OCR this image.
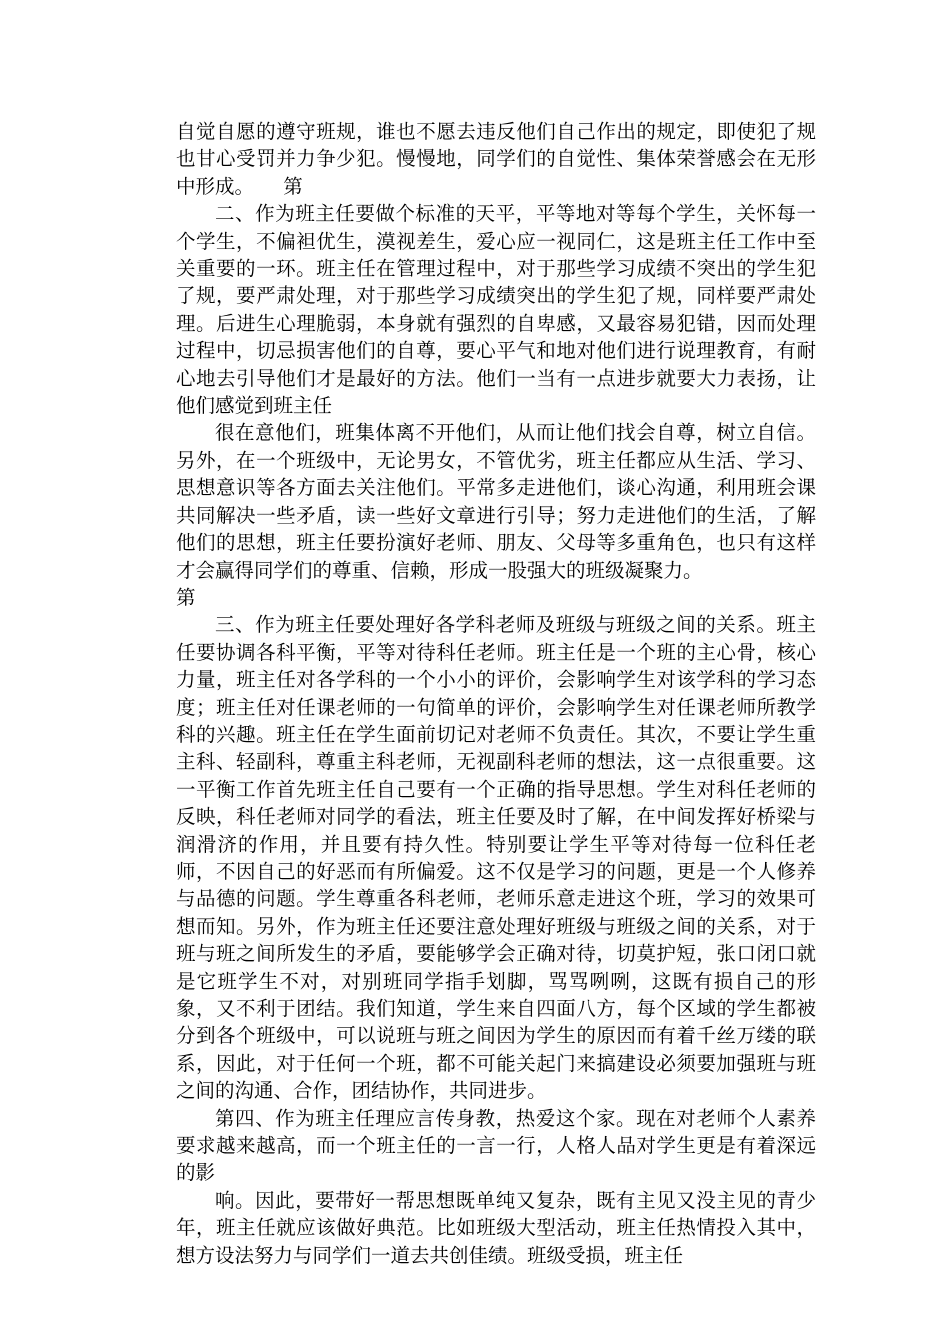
自觉自愿的遵守班规，谁也不愿去违反他们自己作出的规定，即使犯了规也甘心受罚并力争少犯。慢慢地，同学们的自觉性、集体荣誉感会在无形中形成。 第

二、作为班主任要做个标准的天平，平等地对等每个学生，关怀每一个学生，不偏袒优生，漠视差生，爱心应一视同仁，这是班主任工作中至关重要的一环。班主任在管理过程中，对于那些学习成绩不突出的学生犯了规，要严肃处理，对于那些学习成绩突出的学生犯了规，同样要严肃处理。后进生心理脆弱，本身就有强烈的自卑感，又最容易犯错，因而处理过程中，切忌损害他们的自尊，要心平气和地对他们进行说理教育，有耐心地去引导他们才是最好的方法。他们一当有一点进步就要大力表扬，让他们感觉到班主任

很在意他们，班集体离不开他们，从而让他们找会自尊，树立自信。另外，在一个班级中，无论男女，不管优劣，班主任都应从生活、学习、思想意识等各方面去关注他们。平常多走进他们，谈心沟通，利用班会课共同解决一些矛盾，读一些好文章进行引导；努力走进他们的生活，了解他们的思想，班主任要扮演好老师、朋友、父母等多重角色，也只有这样才会赢得同学们的尊重、信赖，形成一股强大的班级凝聚力。

第

三、作为班主任要处理好各学科老师及班级与班级之间的关系。班主任要协调各科平衡，平等对待科任老师。班主任是一个班的主心骨，核心力量，班主任对各学科的一个小小的评价，会影响学生对该学科的学习态度；班主任对任课老师的一句简单的评价，会影响学生对任课老师所教学科的兴趣。班主任在学生面前切记对老师不负责任。其次，不要让学生重主科、轻副科，尊重主科老师，无视副科老师的想法，这一点很重要。这一平衡工作首先班主任自己要有一个正确的指导思想。学生对科任老师的反映，科任老师对同学的看法，班主任要及时了解，在中间发挥好桥梁与润滑济的作用，并且要有持久性。特别要让学生平等对待每一位科任老师，不因自己的好恶而有所偏爱。这不仅是学习的问题，更是一个人修养与品德的问题。学生尊重各科老师，老师乐意走进这个班，学习的效果可想而知。另外，作为班主任还要注意处理好班级与班级之间的关系，对于班与班之间所发生的矛盾，要能够学会正确对待，切莫护短，张口闭口就是它班学生不对，对别班同学指手划脚，骂骂咧咧，这既有损自己的形象，又不利于团结。我们知道，学生来自四面八方，每个区域的学生都被分到各个班级中，可以说班与班之间因为学生的原因而有着千丝万缕的联系，因此，对于任何一个班，都不可能关起门来搞建设必须要加强班与班之间的沟通、合作，团结协作，共同进步。

第四、作为班主任理应言传身教，热爱这个家。现在对老师个人素养要求越来越高，而一个班主任的一言一行，人格人品对学生更是有着深远的影

响。因此，要带好一帮思想既单纯又复杂，既有主见又没主见的青少年，班主任就应该做好典范。比如班级大型活动，班主任热情投入其中，想方设法努力与同学们一道去共创佳绩。班级受损，班主任
